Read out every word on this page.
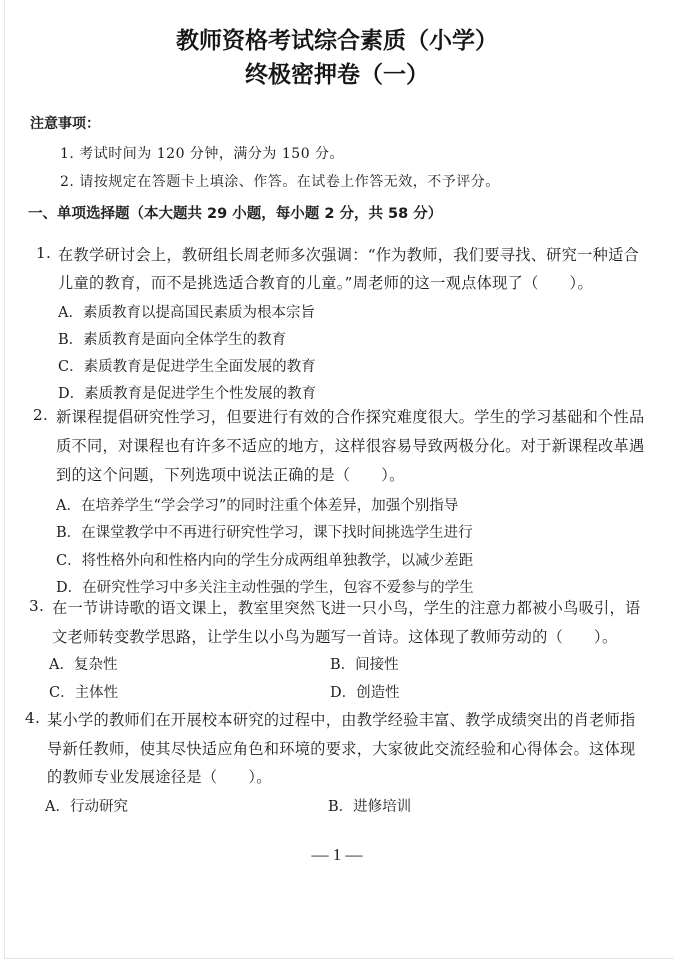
教师资格考试综合素质（小学）
终极密押卷（一）
注意事项：
1. 考试时间为 120 分钟，满分为 150 分。
2. 请按规定在答题卡上填涂、作答。在试卷上作答无效，不予评分。
一、单项选择题（本大题共 29 小题，每小题 2 分，共 58 分）
1. 在教学研讨会上，教研组长周老师多次强调：“作为教师，我们要寻找、研究一种适合
儿童的教育，而不是挑选适合教育的儿童。”周老师的这一观点体现了（　　）。
A．素质教育以提高国民素质为根本宗旨
B．素质教育是面向全体学生的教育
C．素质教育是促进学生全面发展的教育
D．素质教育是促进学生个性发展的教育
2. 新课程提倡研究性学习，但要进行有效的合作探究难度很大。学生的学习基础和个性品
质不同，对课程也有许多不适应的地方，这样很容易导致两极分化。对于新课程改革遇
到的这个问题，下列选项中说法正确的是（　　）。
A．在培养学生“学会学习”的同时注重个体差异，加强个别指导
B．在课堂教学中不再进行研究性学习，课下找时间挑选学生进行
C．将性格外向和性格内向的学生分成两组单独教学，以减少差距
D．在研究性学习中多关注主动性强的学生，包容不爱参与的学生
3. 在一节讲诗歌的语文课上，教室里突然飞进一只小鸟，学生的注意力都被小鸟吸引，语
文老师转变教学思路，让学生以小鸟为题写一首诗。这体现了教师劳动的（　　）。
A．复杂性	B．间接性
C．主体性	D．创造性
4. 某小学的教师们在开展校本研究的过程中，由教学经验丰富、教学成绩突出的肖老师指
导新任教师，使其尽快适应角色和环境的要求，大家彼此交流经验和心得体会。这体现
的教师专业发展途径是（　　）。
A．行动研究	B．进修培训
— 1 —
